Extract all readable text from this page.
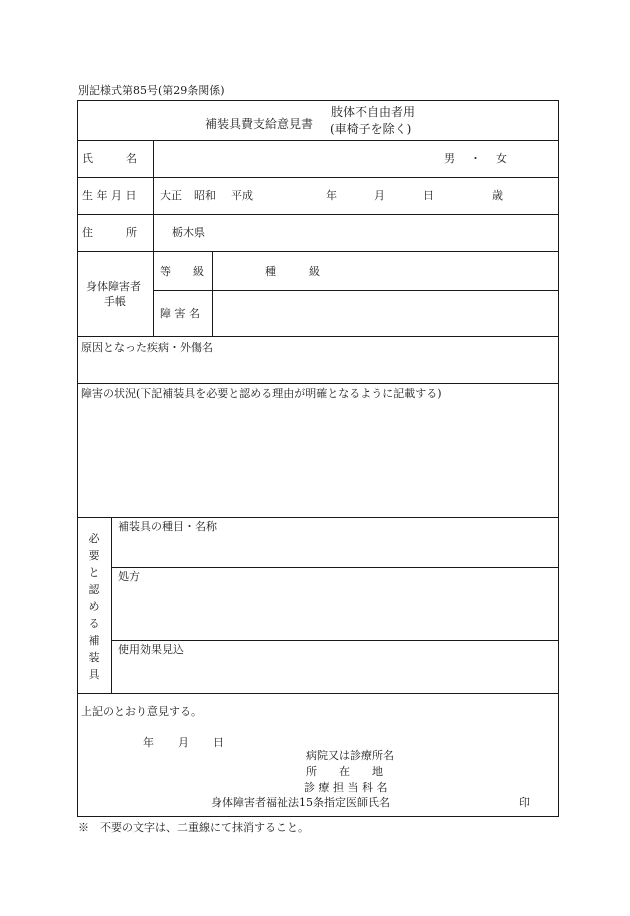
別記様式第85号(第29条関係)
補装具費支給意見書
肢体不自由者用
(車椅子を除く)
氏　　　名	男 ・ 女
生 年 月 日 大正 昭和 平成	年	月	日	歳
住　　　所	栃木県
身体障害者
手帳
等　　級	種　　　級
障 害 名
原因となった疾病・外傷名
障害の状況(下記補装具を必要と認める理由が明確となるように記載する)
必
要
と
認
め
る
補
装
具
補装具の種目・名称
処方
使用効果見込
上記のとおり意見する。
年 月 日
病院又は診療所名
所　　在　　地
診 療 担 当 科 名
身体障害者福祉法15条指定医師氏名	印
※　不要の文字は、二重線にて抹消すること。
